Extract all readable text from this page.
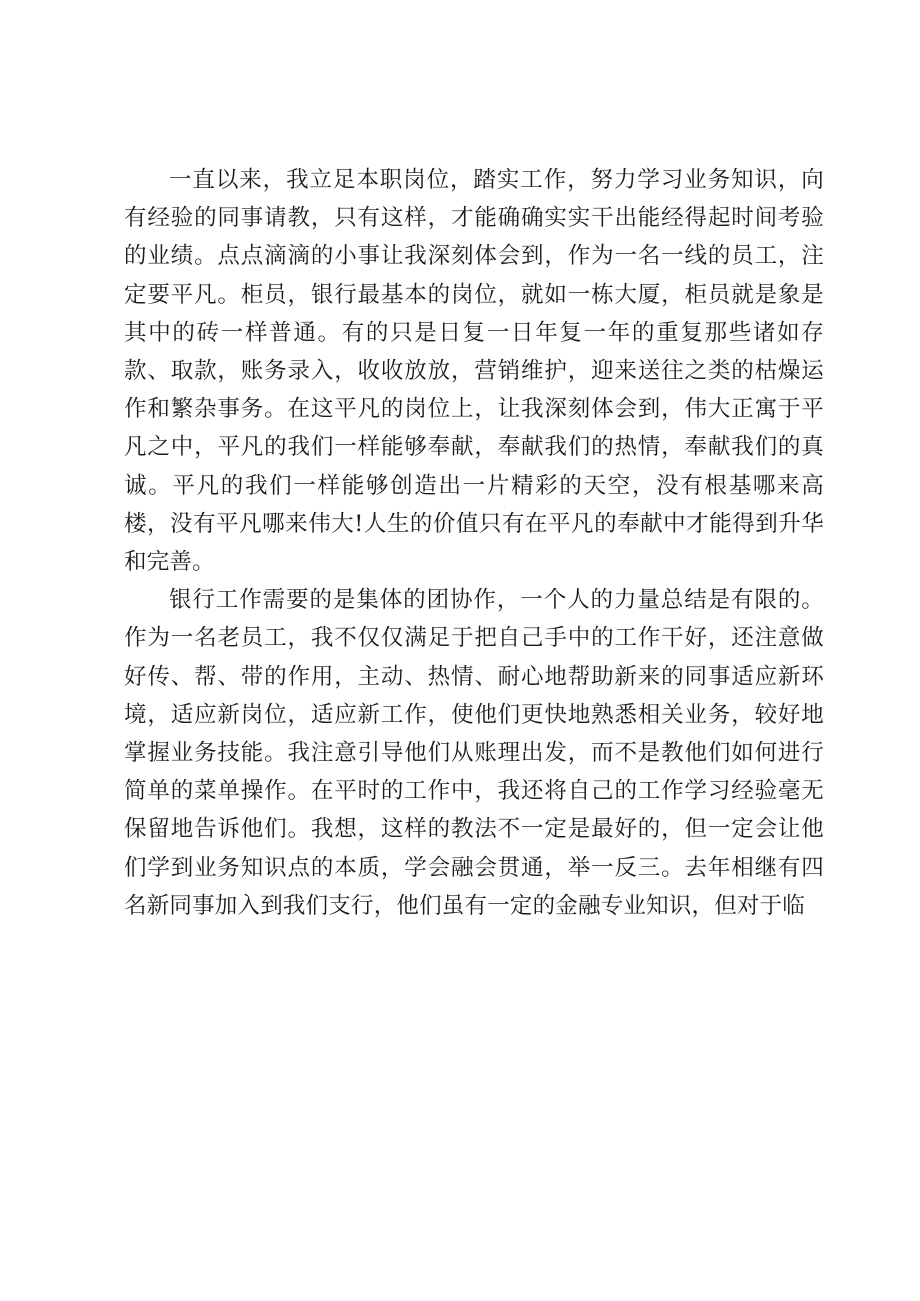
一直以来，我立足本职岗位，踏实工作，努力学习业务知识，向有经验的同事请教，只有这样，才能确确实实干出能经得起时间考验的业绩。点点滴滴的小事让我深刻体会到，作为一名一线的员工，注定要平凡。柜员，银行最基本的岗位，就如一栋大厦，柜员就是象是其中的砖一样普通。有的只是日复一日年复一年的重复那些诸如存款、取款，账务录入，收收放放，营销维护，迎来送往之类的枯燥运作和繁杂事务。在这平凡的岗位上，让我深刻体会到，伟大正寓于平凡之中，平凡的我们一样能够奉献，奉献我们的热情，奉献我们的真诚。平凡的我们一样能够创造出一片精彩的天空，没有根基哪来高楼，没有平凡哪来伟大!人生的价值只有在平凡的奉献中才能得到升华和完善。

银行工作需要的是集体的团协作，一个人的力量总结是有限的。作为一名老员工，我不仅仅满足于把自己手中的工作干好，还注意做好传、帮、带的作用，主动、热情、耐心地帮助新来的同事适应新环境，适应新岗位，适应新工作，使他们更快地熟悉相关业务，较好地掌握业务技能。我注意引导他们从账理出发，而不是教他们如何进行简单的菜单操作。在平时的工作中，我还将自己的工作学习经验毫无保留地告诉他们。我想，这样的教法不一定是最好的，但一定会让他们学到业务知识点的本质，学会融会贯通，举一反三。去年相继有四名新同事加入到我们支行，他们虽有一定的金融专业知识，但对于临
